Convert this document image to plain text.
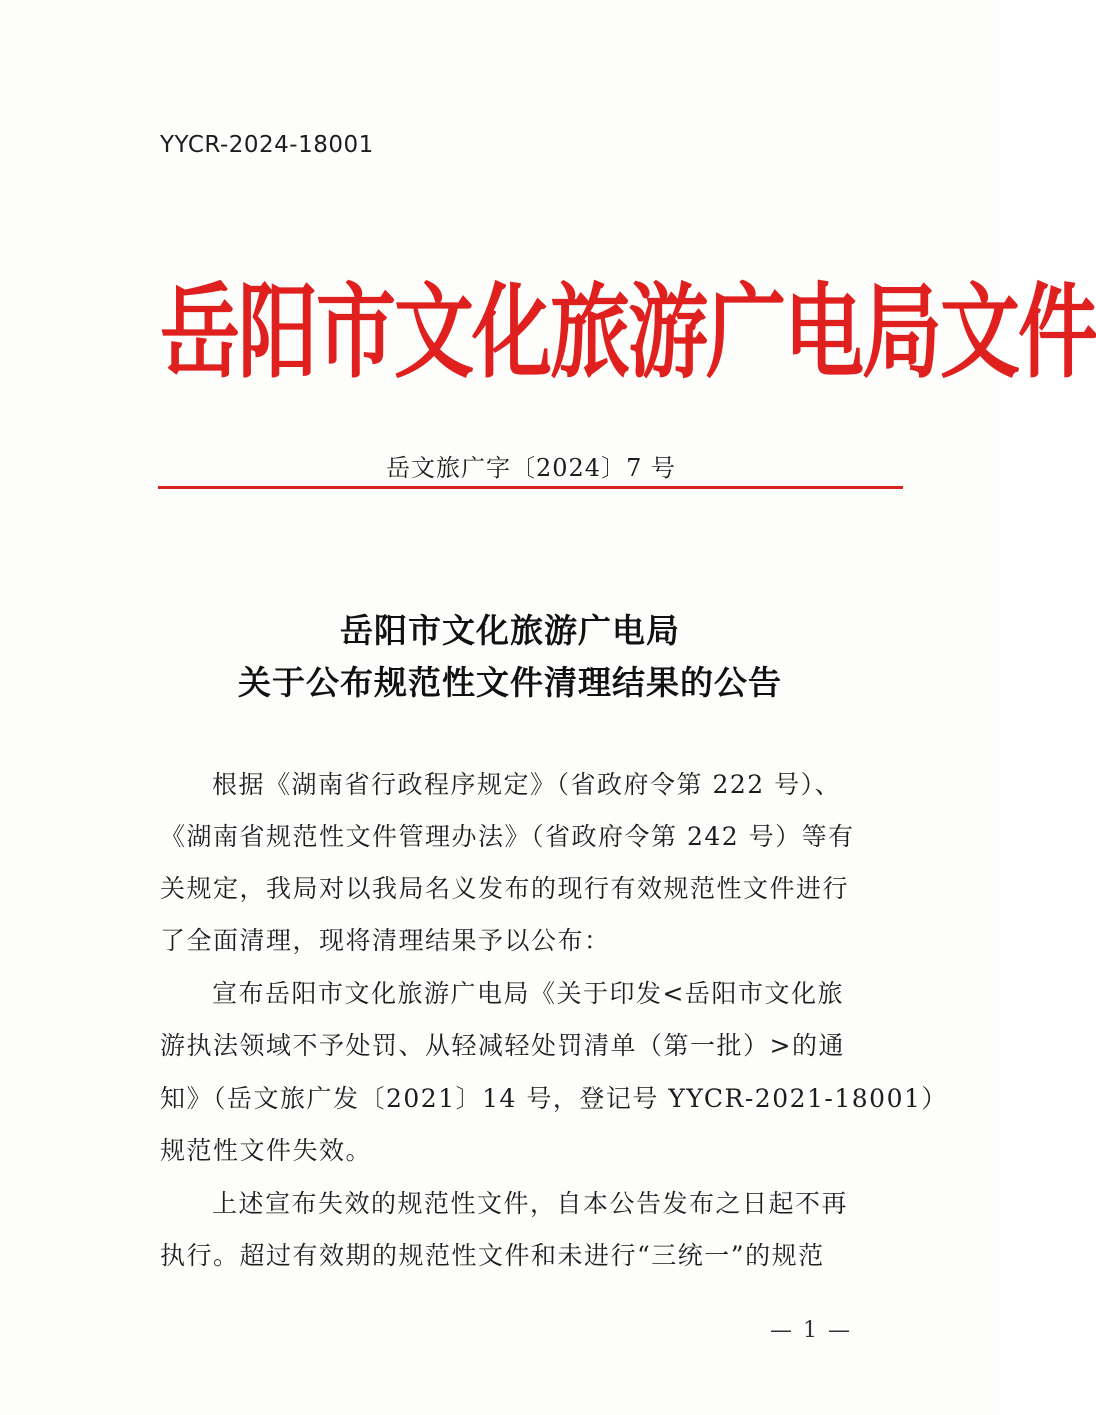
YYCR-2024-18001
岳阳市文化旅游广电局文件
岳文旅广字〔2024〕7 号
岳阳市文化旅游广电局
关于公布规范性文件清理结果的公告
根据《湖南省行政程序规定》（省政府令第 222 号）、
《湖南省规范性文件管理办法》（省政府令第 242 号）等有
关规定，我局对以我局名义发布的现行有效规范性文件进行
了全面清理，现将清理结果予以公布：
宣布岳阳市文化旅游广电局《关于印发<岳阳市文化旅
游执法领域不予处罚、从轻减轻处罚清单（第一批）>的通
知》（岳文旅广发〔2021〕14 号，登记号 YYCR-2021-18001）
规范性文件失效。
上述宣布失效的规范性文件，自本公告发布之日起不再
执行。超过有效期的规范性文件和未进行“三统一”的规范
— 1 —
